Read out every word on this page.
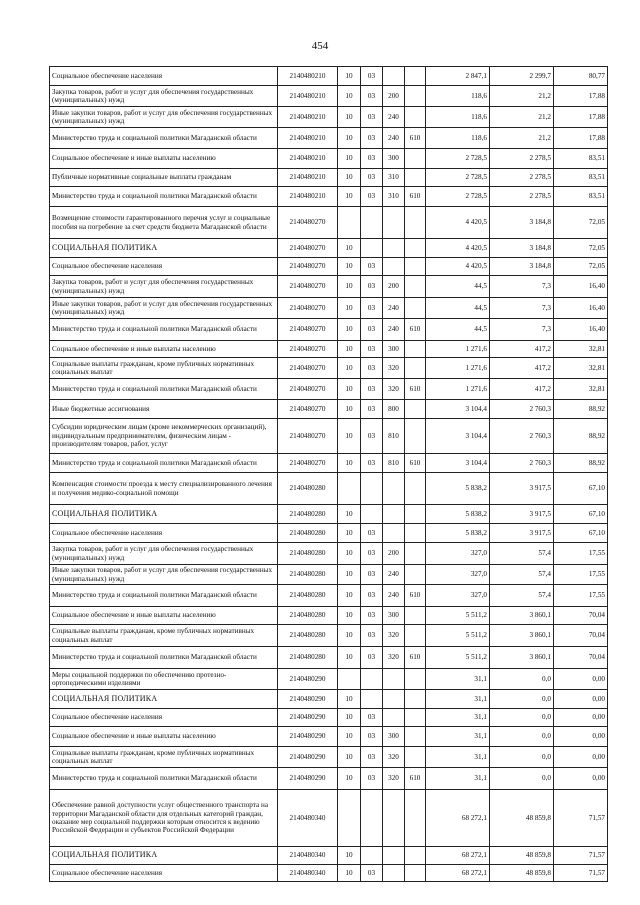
454
Социальное обеспечение населения	2140480210	10	03			2 847,1	2 299,7	80,77
Закупка товаров, работ и услуг для обеспечения государственных (муниципальных) нужд	2140480210	10	03	200		118,6	21,2	17,88
Иные закупки товаров, работ и услуг для обеспечения государственных (муниципальных) нужд	2140480210	10	03	240		118,6	21,2	17,88
Министерство труда и социальной политики Магаданской области	2140480210	10	03	240	610	118,6	21,2	17,88
Социальное обеспечение и иные выплаты населению	2140480210	10	03	300		2 728,5	2 278,5	83,51
Публичные нормативные социальные выплаты гражданам	2140480210	10	03	310		2 728,5	2 278,5	83,51
Министерство труда и социальной политики Магаданской области	2140480210	10	03	310	610	2 728,5	2 278,5	83,51
Возмещение стоимости гарантированного перечня услуг и социальные пособия на погребение за счет средств бюджета Магаданской области	2140480270					4 420,5	3 184,8	72,05
СОЦИАЛЬНАЯ ПОЛИТИКА	2140480270	10				4 420,5	3 184,8	72,05
Социальное обеспечение населения	2140480270	10	03			4 420,5	3 184,8	72,05
Закупка товаров, работ и услуг для обеспечения государственных (муниципальных) нужд	2140480270	10	03	200		44,5	7,3	16,40
Иные закупки товаров, работ и услуг для обеспечения государственных (муниципальных) нужд	2140480270	10	03	240		44,5	7,3	16,40
Министерство труда и социальной политики Магаданской области	2140480270	10	03	240	610	44,5	7,3	16,40
Социальное обеспечение и иные выплаты населению	2140480270	10	03	300		1 271,6	417,2	32,81
Социальные выплаты гражданам, кроме публичных нормативных социальных выплат	2140480270	10	03	320		1 271,6	417,2	32,81
Министерство труда и социальной политики Магаданской области	2140480270	10	03	320	610	1 271,6	417,2	32,81
Иные бюджетные ассигнования	2140480270	10	03	800		3 104,4	2 760,3	88,92
Субсидии юридическим лицам (кроме некоммерческих организаций), индивидуальным предпринимателям, физическим лицам - производителям товаров, работ, услуг	2140480270	10	03	810		3 104,4	2 760,3	88,92
Министерство труда и социальной политики Магаданской области	2140480270	10	03	810	610	3 104,4	2 760,3	88,92
Компенсация стоимости проезда к месту специализированного лечения и получения медико-социальной помощи	2140480280					5 838,2	3 917,5	67,10
СОЦИАЛЬНАЯ ПОЛИТИКА	2140480280	10				5 838,2	3 917,5	67,10
Социальное обеспечение населения	2140480280	10	03			5 838,2	3 917,5	67,10
Закупка товаров, работ и услуг для обеспечения государственных (муниципальных) нужд	2140480280	10	03	200		327,0	57,4	17,55
Иные закупки товаров, работ и услуг для обеспечения государственных (муниципальных) нужд	2140480280	10	03	240		327,0	57,4	17,55
Министерство труда и социальной политики Магаданской области	2140480280	10	03	240	610	327,0	57,4	17,55
Социальное обеспечение и иные выплаты населению	2140480280	10	03	300		5 511,2	3 860,1	70,04
Социальные выплаты гражданам, кроме публичных нормативных социальных выплат	2140480280	10	03	320		5 511,2	3 860,1	70,04
Министерство труда и социальной политики Магаданской области	2140480280	10	03	320	610	5 511,2	3 860,1	70,04
Меры социальной поддержки по обеспечению протезно-ортопедическими изделиями	2140480290					31,1	0,0	0,00
СОЦИАЛЬНАЯ ПОЛИТИКА	2140480290	10				31,1	0,0	0,00
Социальное обеспечение населения	2140480290	10	03			31,1	0,0	0,00
Социальное обеспечение и иные выплаты населению	2140480290	10	03	300		31,1	0,0	0,00
Социальные выплаты гражданам, кроме публичных нормативных социальных выплат	2140480290	10	03	320		31,1	0,0	0,00
Министерство труда и социальной политики Магаданской области	2140480290	10	03	320	610	31,1	0,0	0,00
Обеспечение равной доступности услуг общественного транспорта на территории Магаданской области для отдельных категорий граждан, оказание мер социальной поддержки которым относится к ведению Российской Федерации и субъектов Российской Федерации	2140480340					68 272,1	48 859,8	71,57
СОЦИАЛЬНАЯ ПОЛИТИКА	2140480340	10				68 272,1	48 859,8	71,57
Социальное обеспечение населения	2140480340	10	03			68 272,1	48 859,8	71,57
